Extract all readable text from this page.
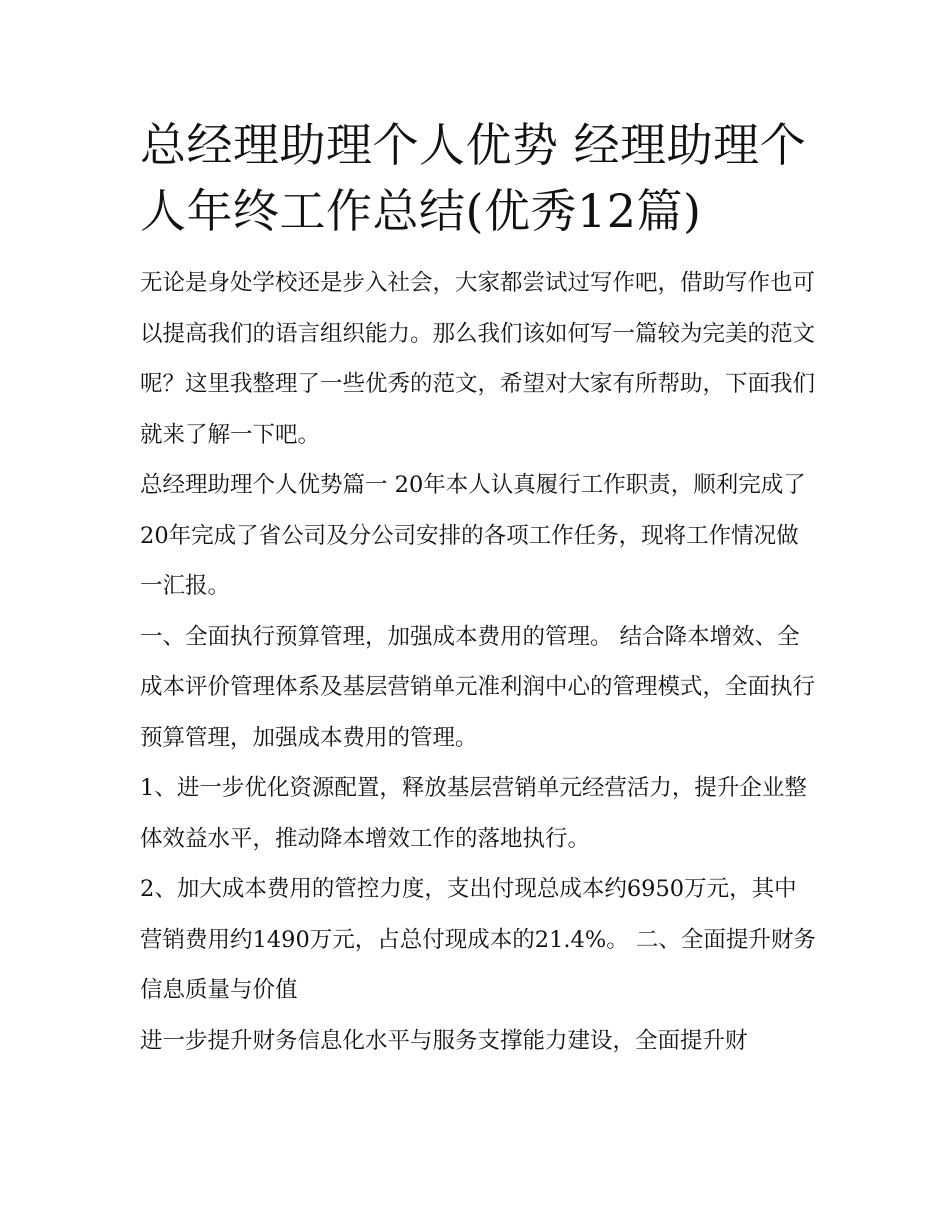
总经理助理个人优势 经理助理个人年终工作总结(优秀12篇)

无论是身处学校还是步入社会，大家都尝试过写作吧，借助写作也可以提高我们的语言组织能力。那么我们该如何写一篇较为完美的范文呢？这里我整理了一些优秀的范文，希望对大家有所帮助，下面我们就来了解一下吧。

总经理助理个人优势篇一 20年本人认真履行工作职责，顺利完成了20年完成了省公司及分公司安排的各项工作任务，现将工作情况做一汇报。

一、全面执行预算管理，加强成本费用的管理。 结合降本增效、全成本评价管理体系及基层营销单元准利润中心的管理模式，全面执行预算管理，加强成本费用的管理。

1、进一步优化资源配置，释放基层营销单元经营活力，提升企业整体效益水平，推动降本增效工作的落地执行。

2、加大成本费用的管控力度，支出付现总成本约6950万元，其中营销费用约1490万元，占总付现成本的21.4%。 二、全面提升财务信息质量与价值

进一步提升财务信息化水平与服务支撑能力建设，全面提升财
